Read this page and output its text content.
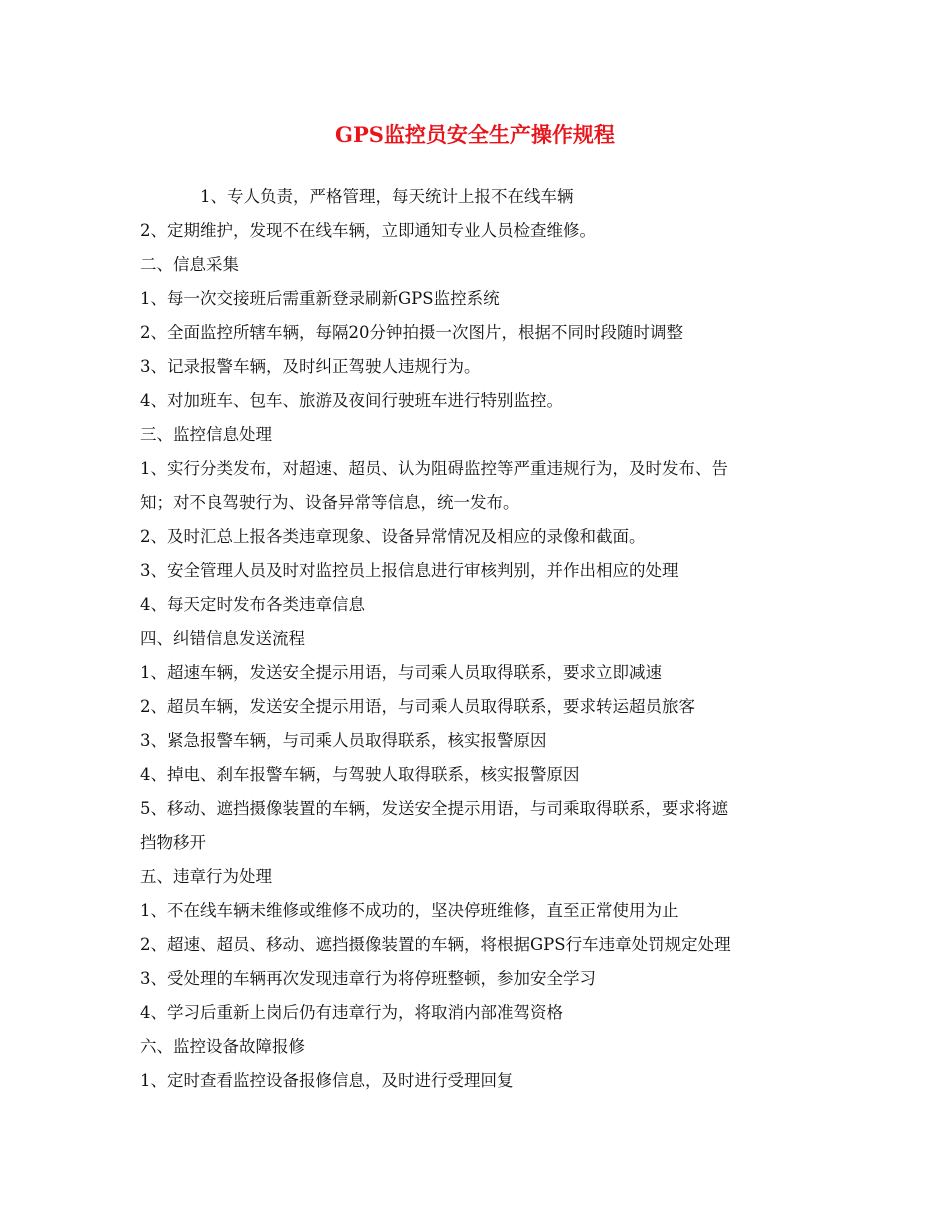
GPS监控员安全生产操作规程
1、专人负责，严格管理，每天统计上报不在线车辆
2、定期维护，发现不在线车辆，立即通知专业人员检查维修。
二、信息采集
1、每一次交接班后需重新登录刷新GPS监控系统
2、全面监控所辖车辆，每隔20分钟拍摄一次图片，根据不同时段随时调整
3、记录报警车辆，及时纠正驾驶人违规行为。
4、对加班车、包车、旅游及夜间行驶班车进行特别监控。
三、监控信息处理
1、实行分类发布，对超速、超员、认为阻碍监控等严重违规行为，及时发布、告
知；对不良驾驶行为、设备异常等信息，统一发布。
2、及时汇总上报各类违章现象、设备异常情况及相应的录像和截面。
3、安全管理人员及时对监控员上报信息进行审核判别，并作出相应的处理
4、每天定时发布各类违章信息
四、纠错信息发送流程
1、超速车辆，发送安全提示用语，与司乘人员取得联系，要求立即减速
2、超员车辆，发送安全提示用语，与司乘人员取得联系，要求转运超员旅客
3、紧急报警车辆，与司乘人员取得联系，核实报警原因
4、掉电、刹车报警车辆，与驾驶人取得联系，核实报警原因
5、移动、遮挡摄像装置的车辆，发送安全提示用语，与司乘取得联系，要求将遮
挡物移开
五、违章行为处理
1、不在线车辆未维修或维修不成功的，坚决停班维修，直至正常使用为止
2、超速、超员、移动、遮挡摄像装置的车辆，将根据GPS行车违章处罚规定处理
3、受处理的车辆再次发现违章行为将停班整顿，参加安全学习
4、学习后重新上岗后仍有违章行为，将取消内部准驾资格
六、监控设备故障报修
1、定时查看监控设备报修信息，及时进行受理回复
